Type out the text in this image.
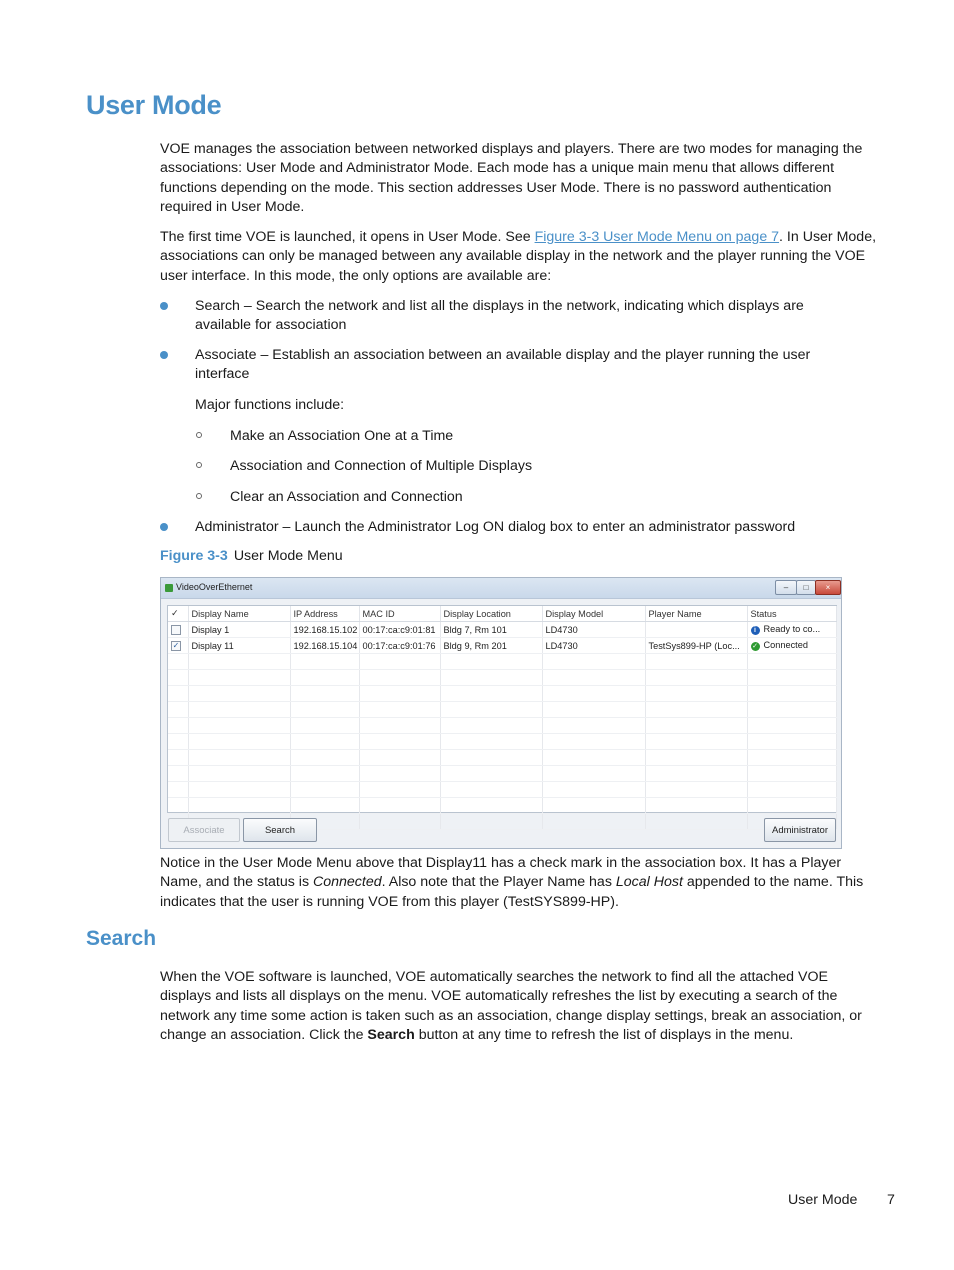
User Mode

VOE manages the association between networked displays and players. There are two modes for managing the associations: User Mode and Administrator Mode. Each mode has a unique main menu that allows different functions depending on the mode. This section addresses User Mode. There is no password authentication required in User Mode.

The first time VOE is launched, it opens in User Mode. See Figure 3-3 User Mode Menu on page 7. In User Mode, associations can only be managed between any available display in the network and the player running the VOE user interface. In this mode, the only options are available are:

Search – Search the network and list all the displays in the network, indicating which displays are available for association

Associate – Establish an association between an available display and the player running the user interface

Major functions include:

Make an Association One at a Time

Association and Connection of Multiple Displays

Clear an Association and Connection

Administrator – Launch the Administrator Log ON dialog box to enter an administrator password

Figure 3-3 User Mode Menu
VideoOverEthernet	–	□	×
✓	Display Name	IP Address	MAC ID	Display Location	Display Model	Player Name	Status
	Display 1	192.168.15.102	00:17:ca:c9:01:81	Bldg 7, Rm 101	LD4730		i Ready to co...
✓	Display 11	192.168.15.104	00:17:ca:c9:01:76	Bldg 9, Rm 201	LD4730	TestSys899-HP (Loc...	✓ Connected

Associate	Search	Administrator

Notice in the User Mode Menu above that Display11 has a check mark in the association box. It has a Player Name, and the status is Connected. Also note that the Player Name has Local Host appended to the name. This indicates that the user is running VOE from this player (TestSYS899-HP).

Search

When the VOE software is launched, VOE automatically searches the network to find all the attached VOE displays and lists all displays on the menu. VOE automatically refreshes the list by executing a search of the network any time some action is taken such as an association, change display settings, break an association, or change an association. Click the Search button at any time to refresh the list of displays in the menu.

User Mode 7
